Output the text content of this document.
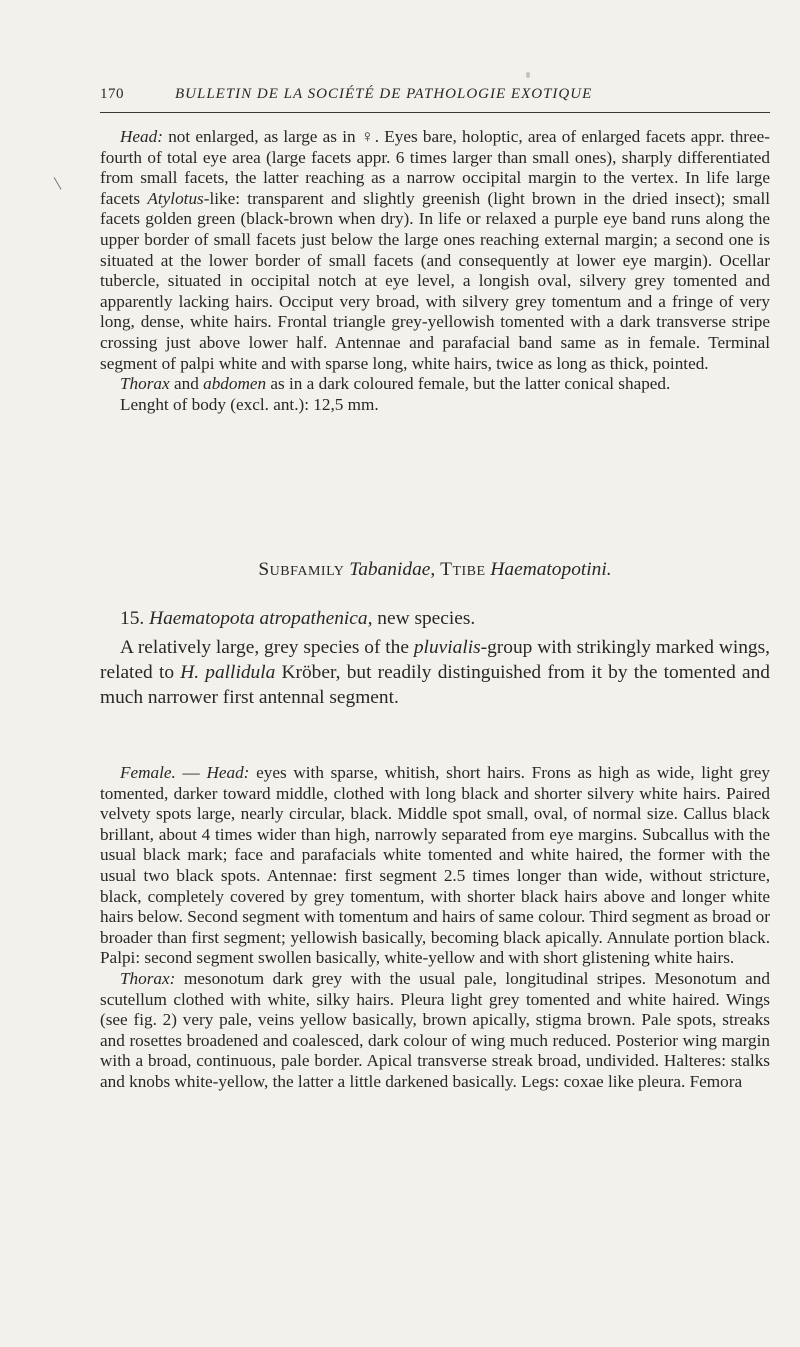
170	BULLETIN DE LA SOCIÉTÉ DE PATHOLOGIE EXOTIQUE

Head: not enlarged, as large as in ♀. Eyes bare, holoptic, area of enlarged facets appr. three-fourth of total eye area (large facets appr. 6 times larger than small ones), sharply differentiated from small facets, the latter reaching as a narrow occipital margin to the vertex. In life large facets Atylotus-like: transparent and slightly greenish (light brown in the dried insect); small facets golden green (black-brown when dry). In life or relaxed a purple eye band runs along the upper border of small facets just below the large ones reaching external margin; a second one is situated at the lower border of small facets (and consequently at lower eye margin). Ocellar tubercle, situated in occipital notch at eye level, a longish oval, silvery grey tomented and apparently lacking hairs. Occiput very broad, with silvery grey tomentum and a fringe of very long, dense, white hairs. Frontal triangle grey-yellowish tomented with a dark transverse stripe crossing just above lower half. Antennae and parafacial band same as in female. Terminal segment of palpi white and with sparse long, white hairs, twice as long as thick, pointed.

Thorax and abdomen as in a dark coloured female, but the latter conical shaped.

Lenght of body (excl. ant.): 12,5 mm.

Subfamily Tabanidae, Ttibe Haematopotini.

15. Haematopota atropathenica, new species.

A relatively large, grey species of the pluvialis-group with strikingly marked wings, related to H. pallidula Kröber, but readily distinguished from it by the tomented and much narrower first antennal segment.

Female. — Head: eyes with sparse, whitish, short hairs. Frons as high as wide, light grey tomented, darker toward middle, clothed with long black and shorter silvery white hairs. Paired velvety spots large, nearly circular, black. Middle spot small, oval, of normal size. Callus black brillant, about 4 times wider than high, narrowly separated from eye margins. Subcallus with the usual black mark; face and parafacials white tomented and white haired, the former with the usual two black spots. Antennae: first segment 2.5 times longer than wide, without stricture, black, completely covered by grey tomentum, with shorter black hairs above and longer white hairs below. Second segment with tomentum and hairs of same colour. Third segment as broad or broader than first segment; yellowish basically, becoming black apically. Annulate portion black. Palpi: second segment swollen basically, white-yellow and with short glistening white hairs.

Thorax: mesonotum dark grey with the usual pale, longitudinal stripes. Mesonotum and scutellum clothed with white, silky hairs. Pleura light grey tomented and white haired. Wings (see fig. 2) very pale, veins yellow basically, brown apically, stigma brown. Pale spots, streaks and rosettes broadened and coalesced, dark colour of wing much reduced. Posterior wing margin with a broad, continuous, pale border. Apical transverse streak broad, undivided. Halteres: stalks and knobs white-yellow, the latter a little darkened basically. Legs: coxae like pleura. Femora
